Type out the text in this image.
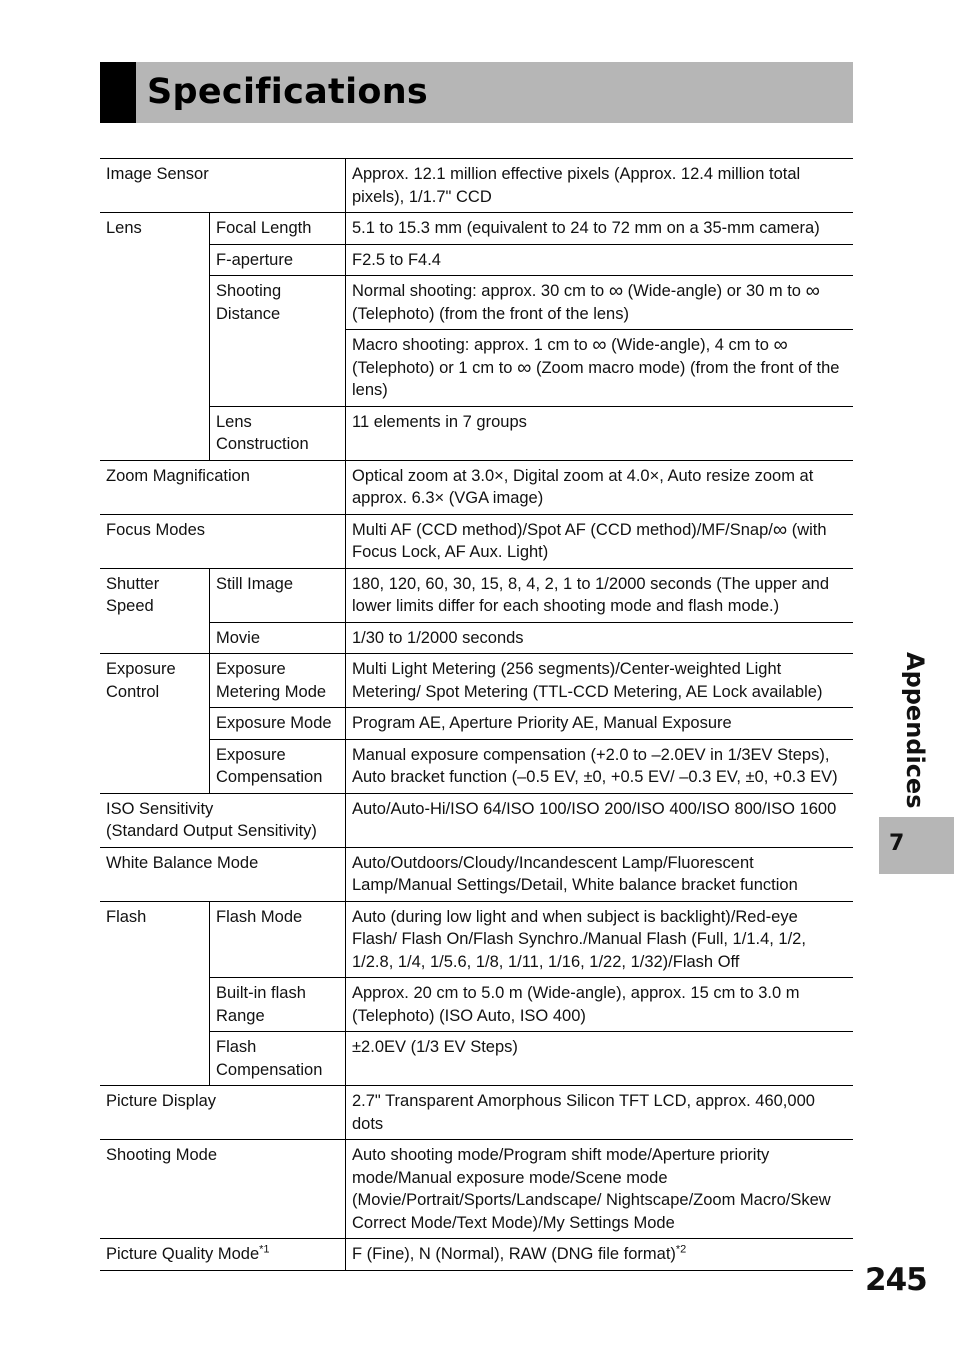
Specifications
Image Sensor		Approx. 12.1 million effective pixels (Approx. 12.4 million total pixels), 1/1.7" CCD
Lens	Focal Length	5.1 to 15.3 mm (equivalent to 24 to 72 mm on a 35-mm camera)
	F-aperture	F2.5 to F4.4
	Shooting Distance	Normal shooting: approx. 30 cm to ∞ (Wide-angle) or 30 m to ∞ (Telephoto) (from the front of the lens)
		Macro shooting: approx. 1 cm to ∞ (Wide-angle), 4 cm to ∞ (Telephoto) or 1 cm to ∞ (Zoom macro mode) (from the front of the lens)
	Lens Construction	11 elements in 7 groups
Zoom Magnification		Optical zoom at 3.0×, Digital zoom at 4.0×, Auto resize zoom at approx. 6.3× (VGA image)
Focus Modes		Multi AF (CCD method)/Spot AF (CCD method)/MF/Snap/∞ (with Focus Lock, AF Aux. Light)
Shutter Speed	Still Image	180, 120, 60, 30, 15, 8, 4, 2, 1 to 1/2000 seconds (The upper and lower limits differ for each shooting mode and flash mode.)
	Movie	1/30 to 1/2000 seconds
Exposure Control	Exposure Metering Mode	Multi Light Metering (256 segments)/Center-weighted Light Metering/ Spot Metering (TTL-CCD Metering, AE Lock available)
	Exposure Mode	Program AE, Aperture Priority AE, Manual Exposure
	Exposure Compensation	Manual exposure compensation (+2.0 to –2.0EV in 1/3EV Steps), Auto bracket function (–0.5 EV, ±0, +0.5 EV/ –0.3 EV, ±0, +0.3 EV)

ISO Sensitivity
(Standard Output Sensitivity)		Auto/Auto-Hi/ISO 64/ISO 100/ISO 200/ISO 400/ISO 800/ISO 1600
White Balance Mode		Auto/Outdoors/Cloudy/Incandescent Lamp/Fluorescent Lamp/Manual Settings/Detail, White balance bracket function
Flash	Flash Mode	Auto (during low light and when subject is backlight)/Red-eye Flash/ Flash On/Flash Synchro./Manual Flash (Full, 1/1.4, 1/2, 1/2.8, 1/4, 1/5.6, 1/8, 1/11, 1/16, 1/22, 1/32)/Flash Off
	Built-in flash Range	Approx. 20 cm to 5.0 m (Wide-angle), approx. 15 cm to 3.0 m (Telephoto) (ISO Auto, ISO 400)
	Flash Compensation	±2.0EV (1/3 EV Steps)
Picture Display		2.7" Transparent Amorphous Silicon TFT LCD, approx. 460,000 dots
Shooting Mode		Auto shooting mode/Program shift mode/Aperture priority mode/Manual exposure mode/Scene mode (Movie/Portrait/Sports/Landscape/ Nightscape/Zoom Macro/Skew Correct Mode/Text Mode)/My Settings Mode
Picture Quality Mode$^{*1}$		F (Fine), N (Normal), RAW (DNG file format)$^{*2}$
Appendices
7
245
